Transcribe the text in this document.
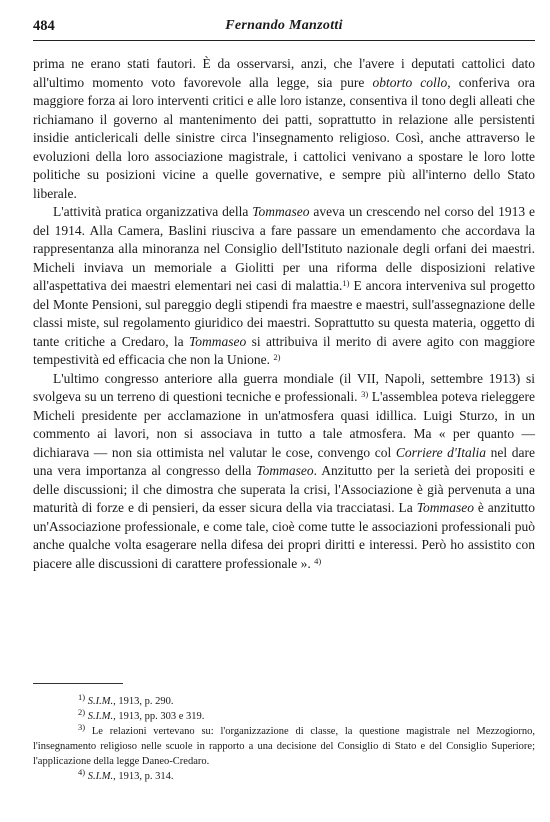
484	Fernando Manzotti

prima ne erano stati fautori. È da osservarsi, anzi, che l'avere i deputati cattolici dato all'ultimo momento voto favorevole alla legge, sia pure obtorto collo, conferiva ora maggiore forza ai loro interventi critici e alle loro istanze, consentiva il tono degli alleati che richiamano il governo al mantenimento dei patti, soprattutto in relazione alle persistenti insidie anticlericali delle sinistre circa l'insegnamento religioso. Così, anche attraverso le evoluzioni della loro associazione magistrale, i cattolici venivano a spostare le loro lotte politiche su posizioni vicine a quelle governative, e sempre più all'interno dello Stato liberale.

L'attività pratica organizzativa della Tommaseo aveva un crescendo nel corso del 1913 e del 1914. Alla Camera, Baslini riusciva a fare passare un emendamento che accordava la rappresentanza alla minoranza nel Consiglio dell'Istituto nazionale degli orfani dei maestri. Micheli inviava un memoriale a Giolitti per una riforma delle disposizioni relative all'aspettativa dei maestri elementari nei casi di malattia.$^{1)}$ E ancora interveniva sul progetto del Monte Pensioni, sul pareggio degli stipendi fra maestre e maestri, sull'assegnazione delle classi miste, sul regolamento giuridico dei maestri. Soprattutto su questa materia, oggetto di tante critiche a Credaro, la Tommaseo si attribuiva il merito di avere agito con maggiore tempestività ed efficacia che non la Unione. $^{2)}$

L'ultimo congresso anteriore alla guerra mondiale (il VII, Napoli, settembre 1913) si svolgeva su un terreno di questioni tecniche e professionali. $^{3)}$ L'assemblea poteva rieleggere Micheli presidente per acclamazione in un'atmosfera quasi idillica. Luigi Sturzo, in un commento ai lavori, non si associava in tutto a tale atmosfera. Ma « per quanto — dichiarava — non sia ottimista nel valutar le cose, convengo col Corriere d'Italia nel dare una vera importanza al congresso della Tommaseo. Anzitutto per la serietà dei propositi e delle discussioni; il che dimostra che superata la crisi, l'Associazione è già pervenuta a una maturità di forze e di pensieri, da esser sicura della via tracciatasi. La Tommaseo è anzitutto un'Associazione professionale, e come tale, cioè come tutte le associazioni professionali può anche qualche volta esagerare nella difesa dei propri diritti e interessi. Però ho assistito con piacere alle discussioni di carattere professionale ». $^{4)}$

$^{1)}$ S.I.M., 1913, p. 290.

$^{2)}$ S.I.M., 1913, pp. 303 e 319.

$^{3)}$ Le relazioni vertevano su: l'organizzazione di classe, la questione magistrale nel Mezzogiorno, l'insegnamento religioso nelle scuole in rapporto a una decisione del Consiglio di Stato e del Consiglio Superiore; l'applicazione della legge Daneo-Credaro.

$^{4)}$ S.I.M., 1913, p. 314.
